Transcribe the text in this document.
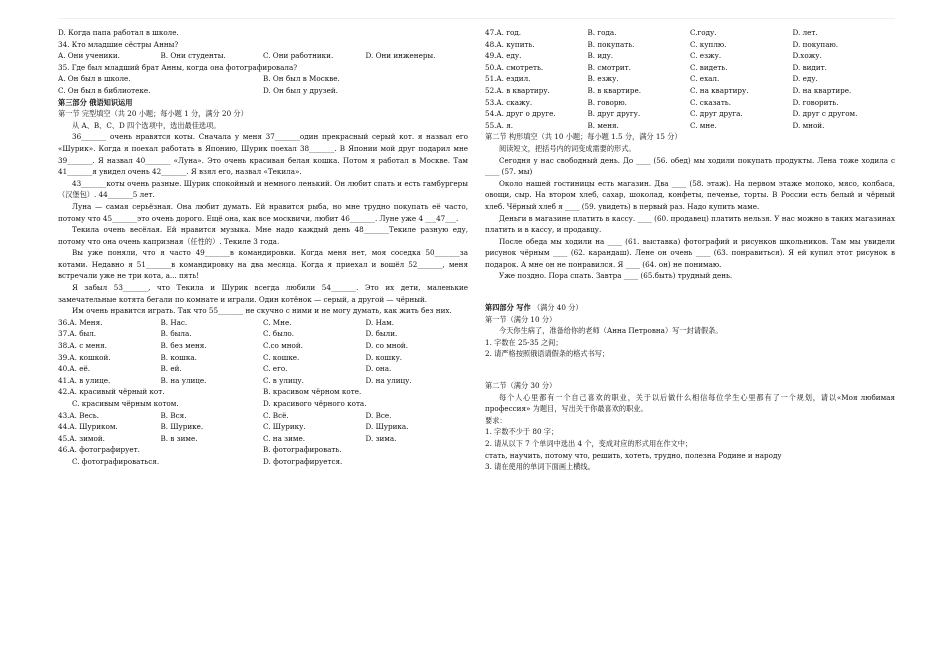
D. Когда папа работал в школе.
34. Кто младшие сёстры Анны?
A. Они ученики.	B. Они студенты.	C. Они работники.	D. Они инженеры.
35. Где был младший брат Анны, когда она фотографировала?
A. Он был в школе.	B. Он был в Москве.
C. Он был в библиотеке.	D. Он был у друзей.
第三部分 俄语知识运用
第一节 完型填空（共 20 小题；每小题 1 分，满分 20 分）
从 A、B、C、D 四个选项中，选出最佳选项。
36_______ очень нравятся коты. Сначала у меня 37_______один прекрасный серый кот. я назвал его «Шурик». Когда я поехал работать в Японию, Шурик поехал 38_______. В Японии мой друг подарил мне 39_______. Я назвал 40_______ «Луна». Это очень красивая белая кошка. Потом я работал в Москве. Там 41_______я увидел очень 42_______. Я взял его, назвал «Текила».
43_______коты очень разные. Шурик спокойный и немного ленький. Он любит спать и есть гамбургеры（汉堡包）. 44_______5 лет.
Луна — самая серьёзная. Она любит думать. Ей нравится рыба, но мне трудно покупать её часто, потому что 45_______это очень дорого. Ещё она, как все москвичи, любит 46_______. Луне уже 4 ___47___.
Текила очень весёлая. Ей нравится музыка. Мне надо каждый день 48_______Текиле разную еду, потому что она очень капризная（任性的）. Текиле 3 года.
Вы уже поняли, что я часто 49_______в командировки. Когда меня нет, моя соседка 50_______за котами. Недавно я 51_______в командировку на два месяца. Когда я приехал и вошёл 52_______, меня встречали уже не три кота, а... пять!
Я забыл 53_______, что Текила и Шурик всегда любили 54_______. Это их дети, маленькие замечательные котята бегали по комнате и играли. Один котёнок — серый, а другой — чёрный.
Им очень нравится играть. Так что 55_______ не скучно с ними и не могу думать, как жить без них.
36.A. Меня.	B. Нас.	C. Мне.	D. Нам.
37.A. был.	B. была.	C. было.	D. были.
38.A. с меня.	B. без меня.	C.со мной.	D. со мной.
39.A. кошкой.	B. кошка.	C. кошке.	D. кошку.
40.A. её.	B. ей.	C. его.	D. она.
41.A. в улице.	B. на улице.	C. в улицу.	D. на улицу.
42.A. красивый чёрный кот.	B. красивом чёрном коте.
C. красивым чёрным котом.	D. красивого чёрного кота.
43.A. Весь.	B. Вся.	C. Всё.	D. Все.
44.A. Шуриком.	B. Шурике.	C. Шурику.	D. Шурика.
45.A. зимой.	B. в зиме.	C. на зиме.	D. зима.
46.A. фотографирует.	B. фотографировать.
C. фотографироваться.	D. фотографируется.
47.A. год.	B. года.	C.году.	D. лет.
48.A. купить.	B. покупать.	C. куплю.	D. покупаю.
49.A. еду.	B. иду.	C. езжу.	D.хожу.
50.A. смотреть.	B. смотрит.	C. видеть.	D. видит.
51.A. ездил.	B. езжу.	C. ехал.	D. еду.
52.A. в квартиру.	B. в квартире.	C. на квартиру.	D. на квартире.
53.A. скажу.	B. говорю.	C. сказать.	D. говорить.
54.A. друг о друге.	B. друг другу.	C. друг друга.	D. друг с другом.
55.A. я.	B. меня.	C. мне.	D. мной.
第二节 构形填空（共 10 小题；每小题 1.5 分，满分 15 分）
阅读短文，把括号内的词变成需要的形式。
Сегодня у нас свободный день. До ____ (56. обед) мы ходили покупать продукты. Лена тоже ходила с ____ (57. мы)
Около нашей гостиницы есть магазин. Два ____ (58. этаж). На первом этаже молоко, мясо, колбаса, овощи, сыр. На втором хлеб, сахар, шоколад, конфеты, печенье, торты. В России есть белый и чёрный хлеб. Чёрный хлеб я ____ (59. увидеть) в первый раз. Надо купить маме.
Деньги в магазине платить в кассу. ____ (60. продавец) платить нельзя. У нас можно в таких магазинах платить и в кассу, и продавцу.
После обеда мы ходили на ____ (61. выставка) фотографий и рисунков школьников. Там мы увидели рисунок чёрным ____ (62. карандаш). Лене он очень ____ (63. понравиться). Я ей купил этот рисунок в подарок. А мне он не понравился. Я ____ (64. он) не понимаю.
Уже поздно. Пора спать. Завтра ____ (65.быть) трудный день.
第四部分 写作 （满分 40 分）
第一节（满分 10 分）
今天你生病了，准备给你的老师（Анна Петровна）写一封请假条。
1. 字数在 25-35 之间；
2. 请严格按照俄语请假条的格式书写；
第二节（满分 30 分）
每个人心里都有一个自己喜欢的职业，关于以后做什么相信每位学生心里都有了一个规划，请以«Моя любимая профессия» 为题目，写出关于你最喜欢的职业。
要求：
1. 字数不少于 80 字；
2. 请从以下 7 个单词中选出 4 个，变成对应的形式用在作文中；
стать, научить, потому что, решить, хотеть, трудно, полезна Родине и народу
3. 请在使用的单词下面画上横线。
